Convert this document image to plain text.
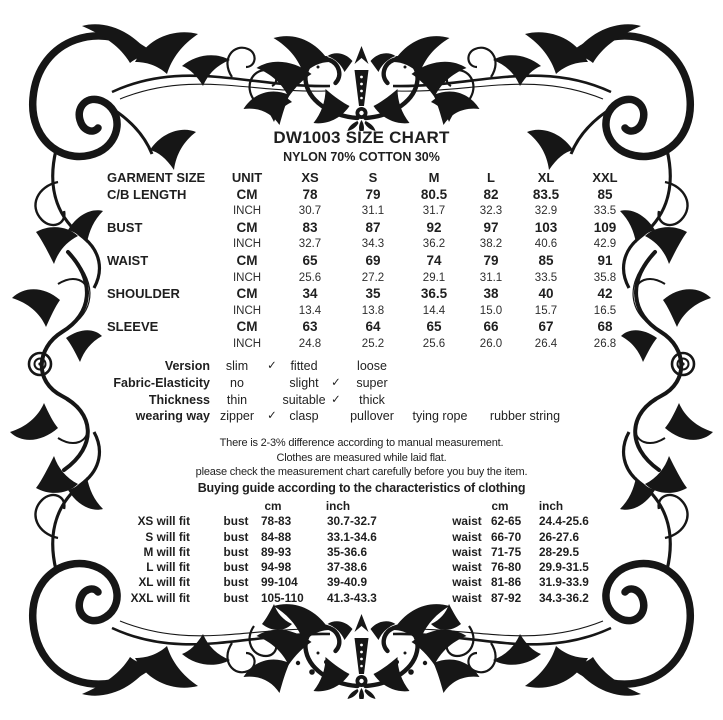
DW1003 SIZE CHART
NYLON 70% COTTON 30%
GARMENT SIZE	UNIT	XS	S	M	L	XL	XXL
C/B LENGTH	CM	78	79	80.5	82	83.5	85
INCH	30.7	31.1	31.7	32.3	32.9	33.5
BUST	CM	83	87	92	97	103	109
INCH	32.7	34.3	36.2	38.2	40.6	42.9
WAIST	CM	65	69	74	79	85	91
INCH	25.6	27.2	29.1	31.1	33.5	35.8
SHOULDER	CM	34	35	36.5	38	40	42
INCH	13.4	13.8	14.4	15.0	15.7	16.5
SLEEVE	CM	63	64	65	66	67	68
INCH	24.8	25.2	25.6	26.0	26.4	26.8
Version	slim	✓	fitted	loose
Fabric-Elasticity	no	slight	✓	super
Thickness	thin	suitable ✓	thick
wearing way zipper	✓	clasp	pullover	tying rope	rubber string
There is 2-3% difference according to manual measurement.
Clothes are measured while laid flat.
please check the measurement chart carefully before you buy the item.
Buying guide according to the characteristics of clothing
cm	inch	cm	inch
XS will fit	bust	78-83	30.7-32.7	waist 62-65	24.4-25.6
S will fit	bust	84-88	33.1-34.6	waist 66-70	26-27.6
M will fit	bust	89-93	35-36.6	waist 71-75	28-29.5
L will fit	bust	94-98	37-38.6	waist 76-80	29.9-31.5
XL will fit	bust	99-104	39-40.9	waist 81-86	31.9-33.9
XXL will fit	bust	105-110	41.3-43.3	waist 87-92	34.3-36.2
